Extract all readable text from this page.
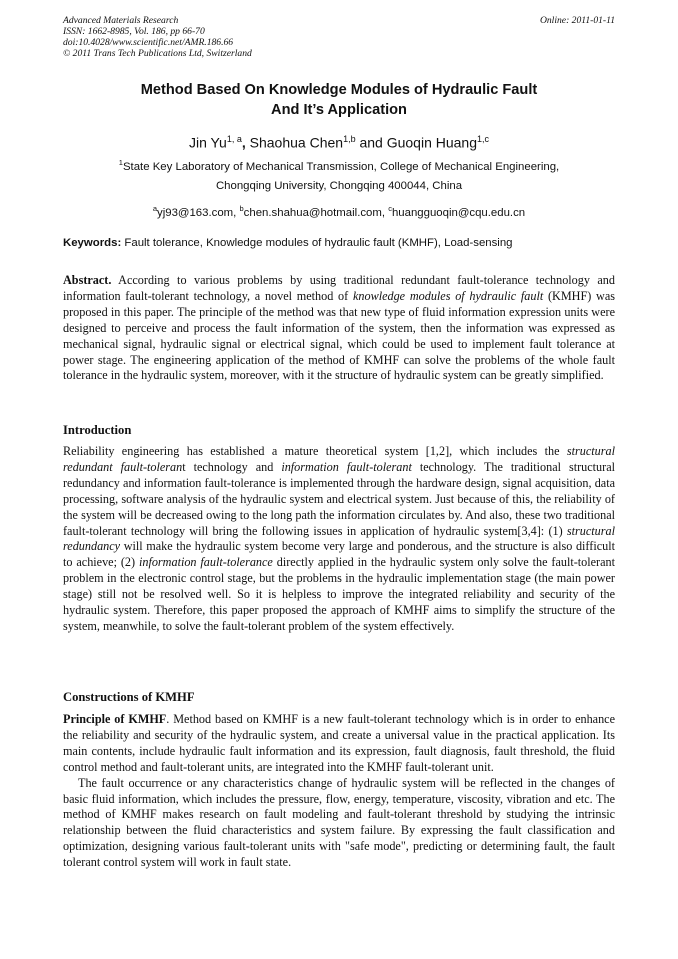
Advanced Materials Research
ISSN: 1662-8985, Vol. 186, pp 66-70
doi:10.4028/www.scientific.net/AMR.186.66
© 2011 Trans Tech Publications Ltd, Switzerland
Online: 2011-01-11
Method Based On Knowledge Modules of Hydraulic Fault
And It’s Application
Jin Yu$^{1, a}$, Shaohua Chen$^{1,b}$ and Guoqin Huang$^{1,c}$
$^1$State Key Laboratory of Mechanical Transmission, College of Mechanical Engineering,
Chongqing University, Chongqing 400044, China
$^a$yj93@163.com, $^b$chen.shahua@hotmail.com, $^c$huangguoqin@cqu.edu.cn
Keywords: Fault tolerance, Knowledge modules of hydraulic fault (KMHF), Load-sensing

Abstract. According to various problems by using traditional redundant fault-tolerance technology and information fault-tolerant technology, a novel method of knowledge modules of hydraulic fault (KMHF) was proposed in this paper. The principle of the method was that new type of fluid information expression units were designed to perceive and process the fault information of the system, then the information was expressed as mechanical signal, hydraulic signal or electrical signal, which could be used to implement fault tolerance at power stage. The engineering application of the method of KMHF can solve the problems of the whole fault tolerance in the hydraulic system, moreover, with it the structure of hydraulic system can be greatly simplified.

Introduction

Reliability engineering has established a mature theoretical system [1,2], which includes the structural redundant fault-tolerant technology and information fault-tolerant technology. The traditional structural redundancy and information fault-tolerance is implemented through the hardware design, signal acquisition, data processing, software analysis of the hydraulic system and electrical system. Just because of this, the reliability of the system will be decreased owing to the long path the information circulates by. And also, these two traditional fault-tolerant technology will bring the following issues in application of hydraulic system[3,4]: (1) structural redundancy will make the hydraulic system become very large and ponderous, and the structure is also difficult to achieve; (2) information fault-tolerance directly applied in the hydraulic system only solve the fault-tolerant problem in the electronic control stage, but the problems in the hydraulic implementation stage (the main power stage) still not be resolved well. So it is helpless to improve the integrated reliability and security of the hydraulic system. Therefore, this paper proposed the approach of KMHF aims to simplify the structure of the system, meanwhile, to solve the fault-tolerant problem of the system effectively.

Constructions of KMHF

Principle of KMHF. Method based on KMHF is a new fault-tolerant technology which is in order to enhance the reliability and security of the hydraulic system, and create a universal value in the practical application. Its main contents, include hydraulic fault information and its expression, fault diagnosis, fault threshold, the fluid control method and fault-tolerant units, are integrated into the KMHF fault-tolerant unit.

The fault occurrence or any characteristics change of hydraulic system will be reflected in the changes of basic fluid information, which includes the pressure, flow, energy, temperature, viscosity, vibration and etc. The method of KMHF makes research on fault modeling and fault-tolerant threshold by studying the intrinsic relationship between the fluid characteristics and system failure. By expressing the fault classification and optimization, designing various fault-tolerant units with "safe mode", predicting or determining fault, the fault tolerant control system will work in fault state.
